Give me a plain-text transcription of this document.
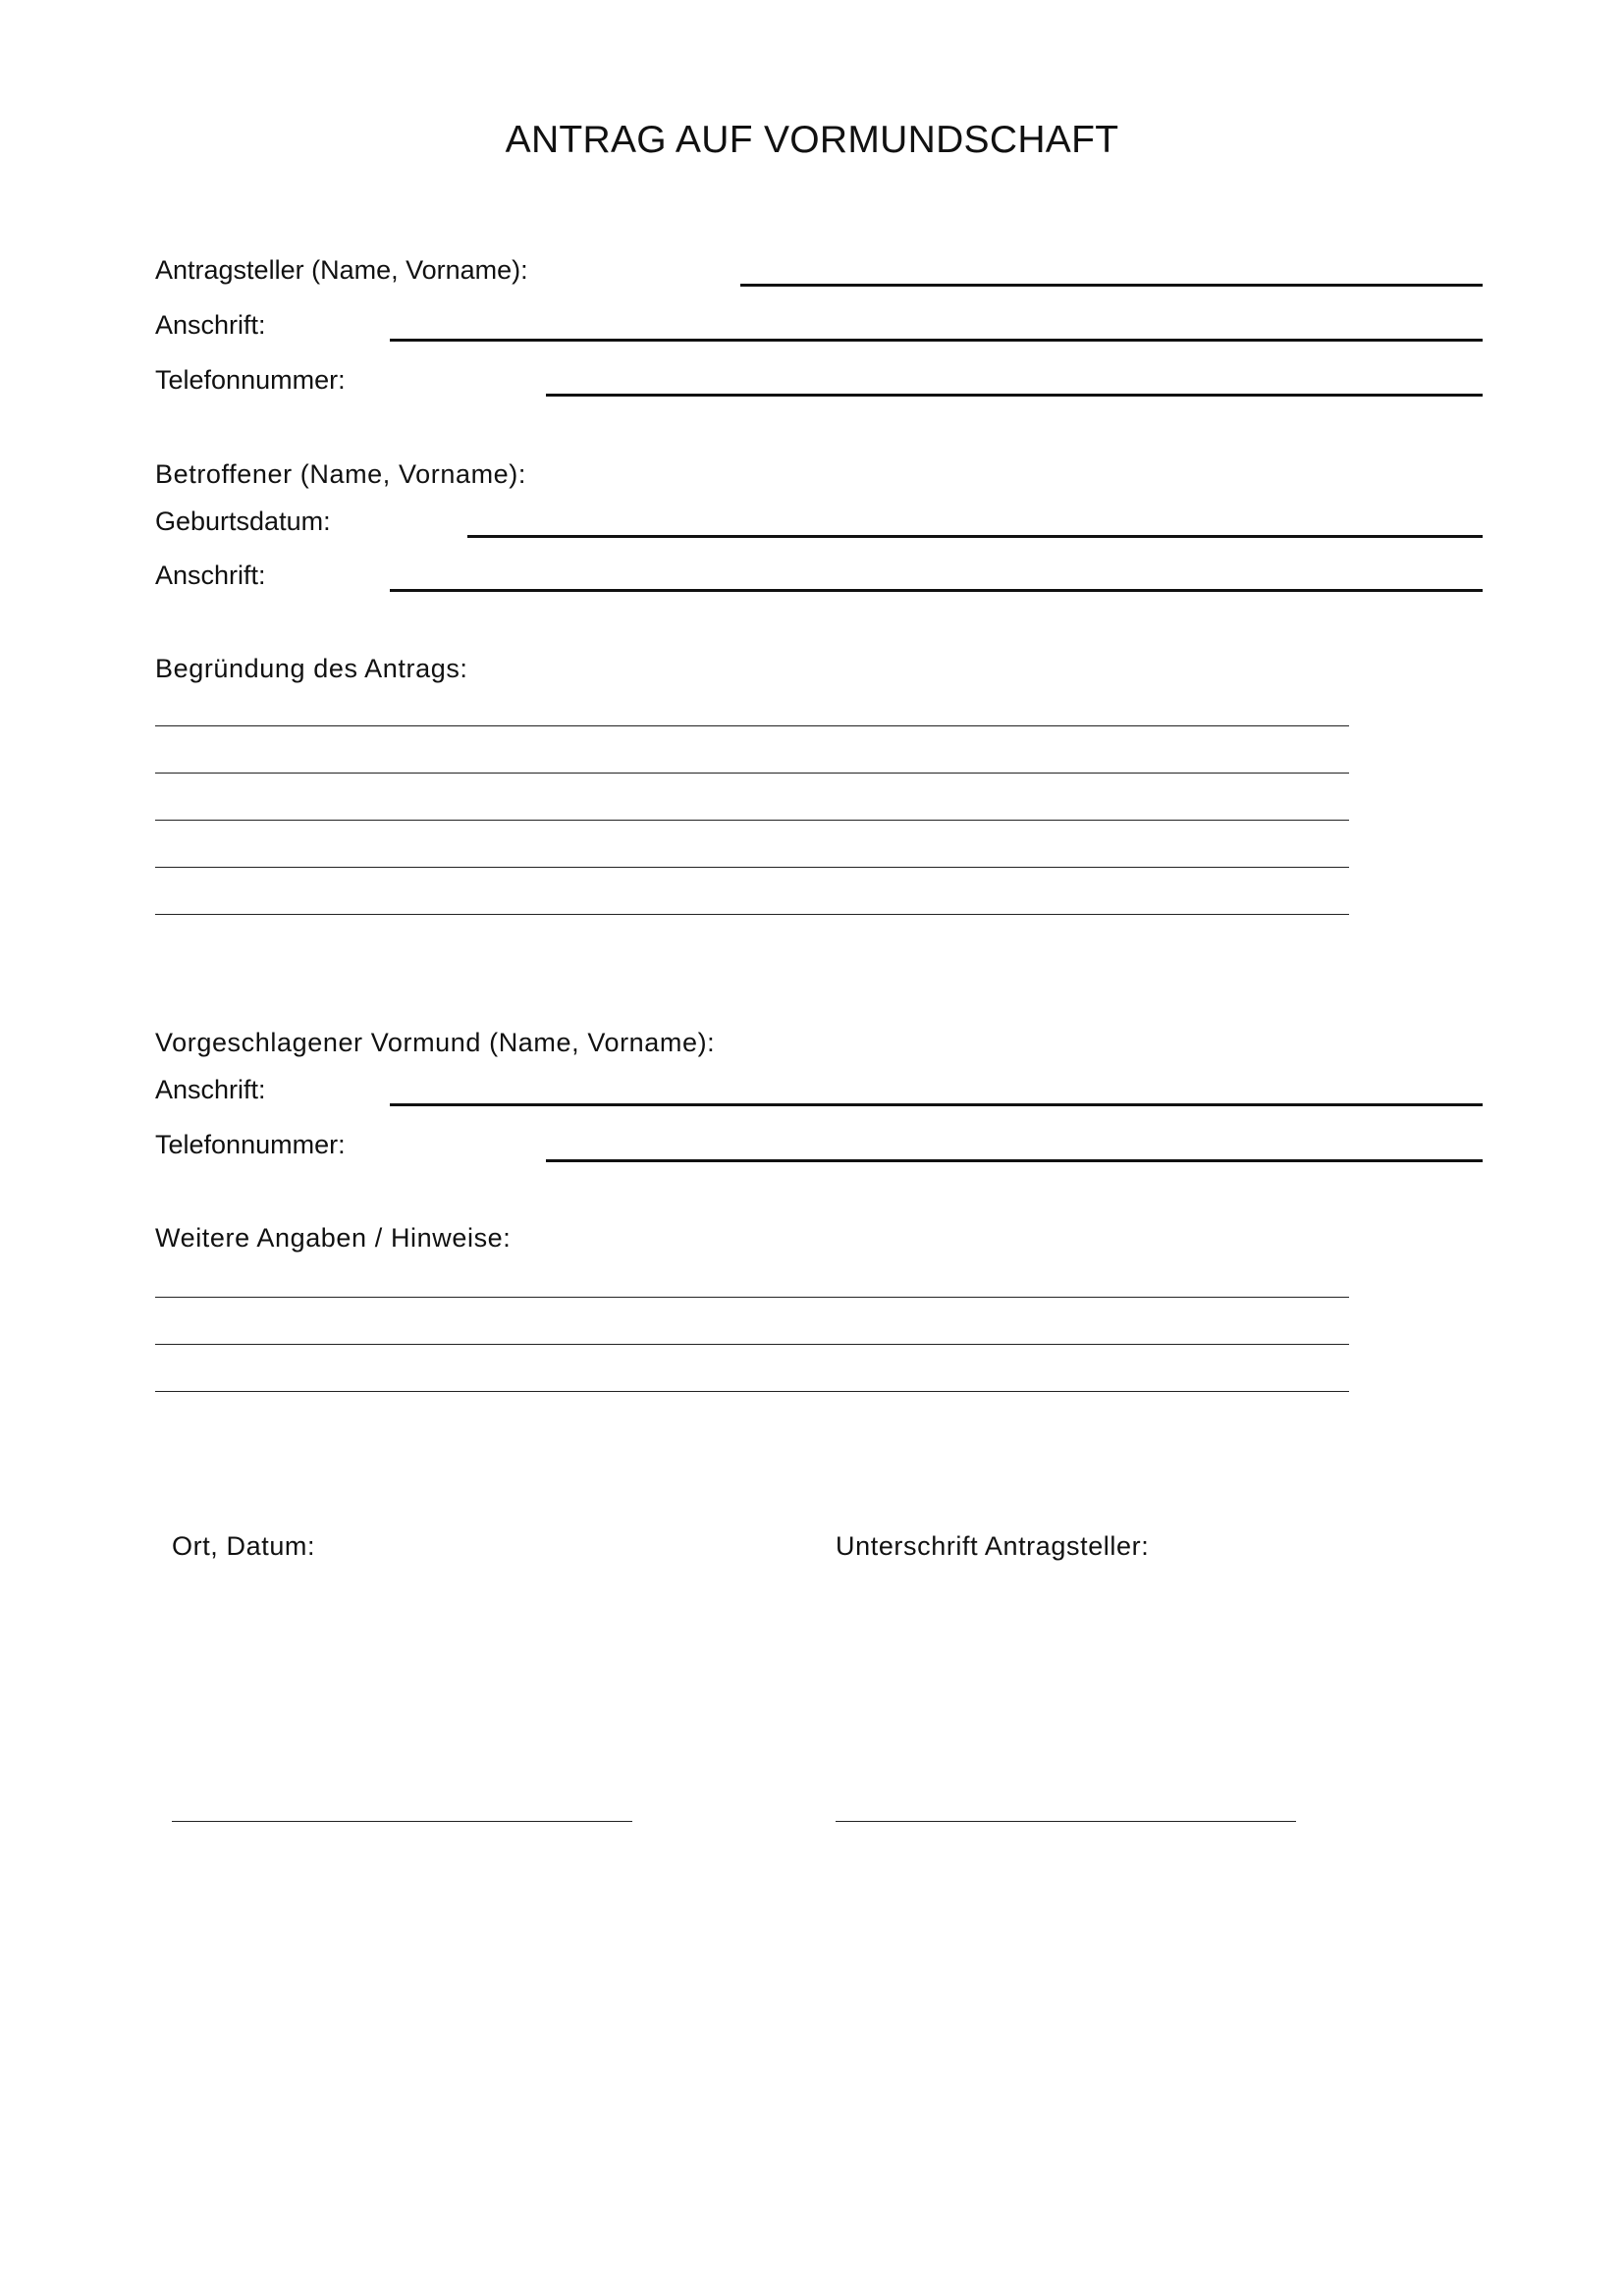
ANTRAG AUF VORMUNDSCHAFT
Antragsteller (Name, Vorname):
Anschrift:
Telefonnummer:
Betroffener (Name, Vorname):
Geburtsdatum:
Anschrift:
Begründung des Antrags:
Vorgeschlagener Vormund (Name, Vorname):
Anschrift:
Telefonnummer:
Weitere Angaben / Hinweise:
Ort, Datum:	Unterschrift Antragsteller:
